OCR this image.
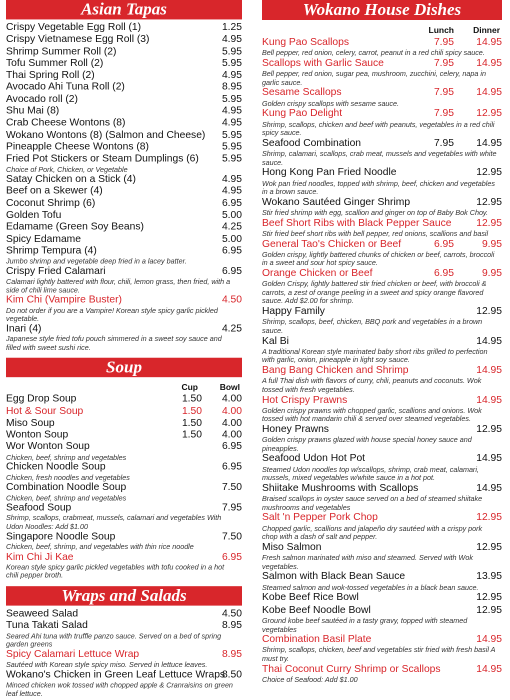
Asian Tapas
Crispy Vegetable Egg Roll (1)	1.25
Crispy Vietnamese Egg Roll (3)	4.95
Shrimp Summer Roll (2)	5.95
Tofu Summer Roll (2)	5.95
Thai Spring Roll (2)	4.95
Avocado Ahi Tuna Roll (2)	8.95
Avocado roll (2)	5.95
Shu Mai (8)	4.95
Crab Cheese Wontons (8)	4.95
Wokano Wontons (8) (Salmon and Cheese) 5.95
Pineapple Cheese Wontons (8)	5.95
Fried Pot Stickers or Steam Dumplings (6) 5.95
Choice of Pork, Chicken, or Vegetable
Satay Chicken on a Stick (4)	4.95
Beef on a Skewer (4)	4.95
Coconut Shrimp (6)	6.95
Golden Tofu	5.00
Edamame (Green Soy Beans)	4.25
Spicy Edamame	5.00
Shrimp Tempura (4)	6.95
Jumbo shrimp and vegetable deep fried in a lacey batter.
Crispy Fried Calamari	6.95
Calamari lightly battered with flour, chili, lemon grass, then fried, with a side of chili lime sauce.
Kim Chi (Vampire Buster)	4.50
Do not order if you are a Vampire! Korean style spicy garlic pickled vegetable.
Inari (4)	4.25
Japanese style fried tofu pouch simmered in a sweet soy sauce and filled with sweet sushi rice.
Soup
Cup	Bowl
Egg Drop Soup	1.50 4.00
Hot & Sour Soup	1.50 4.00
Miso Soup	1.50 4.00
Wonton Soup	1.50 4.00
Wor Wonton Soup	6.95
Chicken, beef, shrimp and vegetables
Chicken Noodle Soup	6.95
Chicken, fresh noodles and vegetables
Combination Noodle Soup	7.50
Chicken, beef, shrimp and vegetables
Seafood Soup	7.95
Shrimp, scallops, crabmeat, mussels, calamari and vegetables With Udon Noodles: Add $1.00
Singapore Noodle Soup	7.50
Chicken, beef, shrimp, and vegetables with thin rice noodle
Kim Chi Ji Kae	6.95
Korean style spicy garlic pickled vegetables with tofu cooked in a hot chili pepper broth.
Wraps and Salads
Seaweed Salad	4.50
Tuna Takati Salad	8.95
Seared Ahi tuna with truffle panzo sauce. Served on a bed of spring garden greens
Spicy Calamari Lettuce Wrap	8.95
Sautéed with Korean style spicy miso. Served in lettuce leaves.
Wokano's Chicken in Green Leaf Lettuce Wraps
8.50
Minced chicken wok tossed with chopped apple & Cranraisins on green leaf lettuce.
Wokano House Dishes
Lunch Dinner
Kung Pao Scallops	7.95 14.95
Bell pepper, red onion, celery, carrot, peanut in a red chili spicy sauce.
Scallops with Garlic Sauce	7.95 14.95
Bell pepper, red onion, sugar pea, mushroom, zucchini, celery, napa in garlic sauce.
Sesame Scallops	7.95 14.95
Golden crispy scallops with sesame sauce.
Kung Pao Delight	7.95 12.95
Shrimp, scallops, chicken and beef with peanuts, vegetables in a red chili spicy sauce.
Seafood Combination	7.95 14.95
Shrimp, calamari, scallops, crab meat, mussels and vegetables with white sauce.
Hong Kong Pan Fried Noodle	12.95
Wok pan fried noodles, topped with shrimp, beef, chicken and vegetables in a brown sauce.
Wokano Sautéed Ginger Shrimp	12.95
Stir fried shrimp with egg, scallion and ginger on top of Baby Bok Choy.
Beef Short Ribs with Black Pepper Sauce 12.95
Stir fried beef short ribs with bell pepper, red onions, scallions and basil
General Tao's Chicken or Beef	6.95	9.95
Golden crispy, lightly battered chunks of chicken or beef, carrots, broccoli in a sweet and sour hot spicy sauce.
Orange Chicken or Beef	6.95	9.95
Golden Crispy, lightly battered stir fried chicken or beef, with broccoli & carrots, a zest of orange peeling in a sweet and spicy orange flavored sauce. Add $2.00 for shrimp.
Happy Family	12.95
Shrimp, scallops, beef, chicken, BBQ pork and vegetables in a brown sauce.
Kal Bi	14.95
A traditional Korean style marinated baby short ribs grilled to perfection with garlic, onion, pineapple in light soy sauce.
Bang Bang Chicken and Shrimp	14.95
A full Thai dish with flavors of curry, chili, peanuts and coconuts. Wok tossed with fresh vegetables.
Hot Crispy Prawns	14.95
Golden crispy prawns with chopped garlic, scallions and onions. Wok tossed with hot mandarin chili & served over steamed vegetables.
Honey Prawns	12.95
Golden crispy prawns glazed with house special honey sauce and pineapples.
Seafood Udon Hot Pot	14.95
Steamed Udon noodles top w/scallops, shrimp, crab meat, calamari, mussels, mixed vegetables w/white sauce in a hot pot.
Shiitake Mushrooms with Scallops	14.95
Braised scallops in oyster sauce served on a bed of steamed shiitake mushrooms and vegetables
Salt 'n Pepper Pork Chop	12.95
Chopped garlic, scallions and jalapeño dry sautéed with a crispy pork chop with a dash of salt and pepper.
Miso Salmon	12.95
Fresh salmon marinated with miso and steamed. Served with Wok vegetables.
Salmon with Black Bean Sauce	13.95
Steamed salmon and wok-tossed vegetables in a black bean sauce.
Kobe Beef Rice Bowl	12.95
Kobe Beef Noodle Bowl	12.95
Ground kobe beef sautéed in a tasty gravy, topped with steamed vegetables
Combination Basil Plate	14.95
Shrimp, scallops, chicken, beef and vegetables stir fried with fresh basil A must try.
Thai Coconut Curry Shrimp or Scallops	14.95
Choice of Seafood: Add $1.00
